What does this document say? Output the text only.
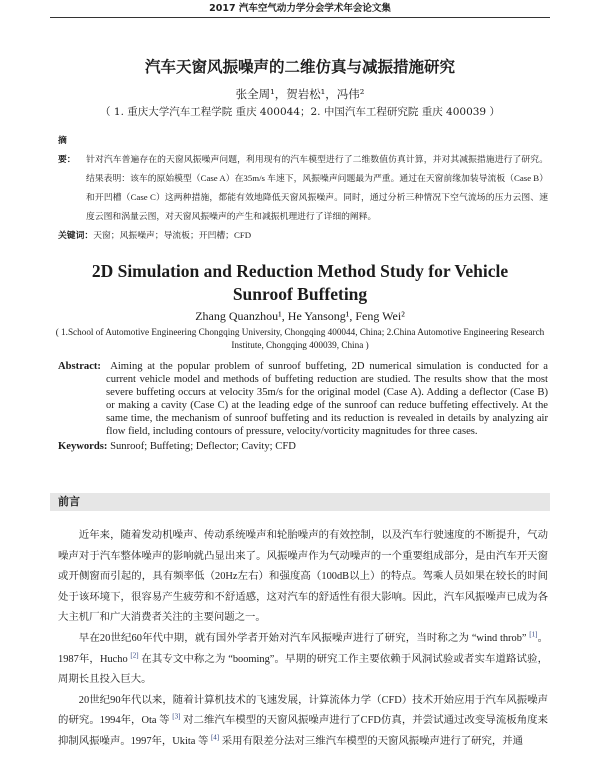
2017 汽车空气动力学分会学术年会论文集
汽车天窗风振噪声的二维仿真与减振措施研究
张全周¹，贺岩松¹，冯伟²
（ 1. 重庆大学汽车工程学院 重庆 400044；2. 中国汽车工程研究院 重庆 400039 ）
摘 要： 针对汽车普遍存在的天窗风振噪声问题，利用现有的汽车模型进行了二维数值仿真计算，并对其减振措施进行了研究。结果表明：该车的原始模型（Case A）在35m/s 车速下，风振噪声问题最为严重。通过在天窗前缘加装导流板（Case B）和开凹槽（Case C）这两种措施，都能有效地降低天窗风振噪声。同时，通过分析三种情况下空气流场的压力云图、速度云图和涡量云图，对天窗风振噪声的产生和减振机理进行了详细的阐释。
关键词：天窗；风振噪声；导流板；开凹槽；CFD
2D Simulation and Reduction Method Study for Vehicle Sunroof Buffeting
Zhang Quanzhou¹, He Yansong¹, Feng Wei²
( 1.School of Automotive Engineering Chongqing University, Chongqing 400044, China; 2.China Automotive Engineering Research Institute, Chongqing 400039, China )
Abstract: Aiming at the popular problem of sunroof buffeting, 2D numerical simulation is conducted for a current vehicle model and methods of buffeting reduction are studied. The results show that the most severe buffeting occurs at velocity 35m/s for the original model (Case A). Adding a deflector (Case B) or making a cavity (Case C) at the leading edge of the sunroof can reduce buffeting effectively. At the same time, the mechanism of sunroof buffeting and its reduction is revealed in details by analyzing air flow field, including contours of pressure, velocity/vorticity magnitudes for three cases.
Keywords: Sunroof; Buffeting; Deflector; Cavity; CFD
前言

近年来，随着发动机噪声、传动系统噪声和轮胎噪声的有效控制，以及汽车行驶速度的不断提升，气动噪声对于汽车整体噪声的影响就凸显出来了。风振噪声作为气动噪声的一个重要组成部分，是由汽车开天窗或开侧窗而引起的，具有频率低（20Hz左右）和强度高（100dB以上）的特点。驾乘人员如果在较长的时间处于该环境下，很容易产生疲劳和不舒适感，这对汽车的舒适性有很大影响。因此，汽车风振噪声已成为各大主机厂和广大消费者关注的主要问题之一。

早在20世纪60年代中期，就有国外学者开始对汽车风振噪声进行了研究，当时称之为 “wind throb” [1]。1987年，Hucho [2] 在其专文中称之为 “booming”。早期的研究工作主要依赖于风洞试验或者实车道路试验，周期长且投入巨大。

20世纪90年代以来，随着计算机技术的飞速发展，计算流体力学（CFD）技术开始应用于汽车风振噪声的研究。1994年，Ota 等 [3] 对二维汽车模型的天窗风振噪声进行了CFD仿真，并尝试通过改变导流板角度来抑制风振噪声。1997年，Ukita 等 [4] 采用有限差分法对三维汽车模型的天窗风振噪声进行了研究，并通
